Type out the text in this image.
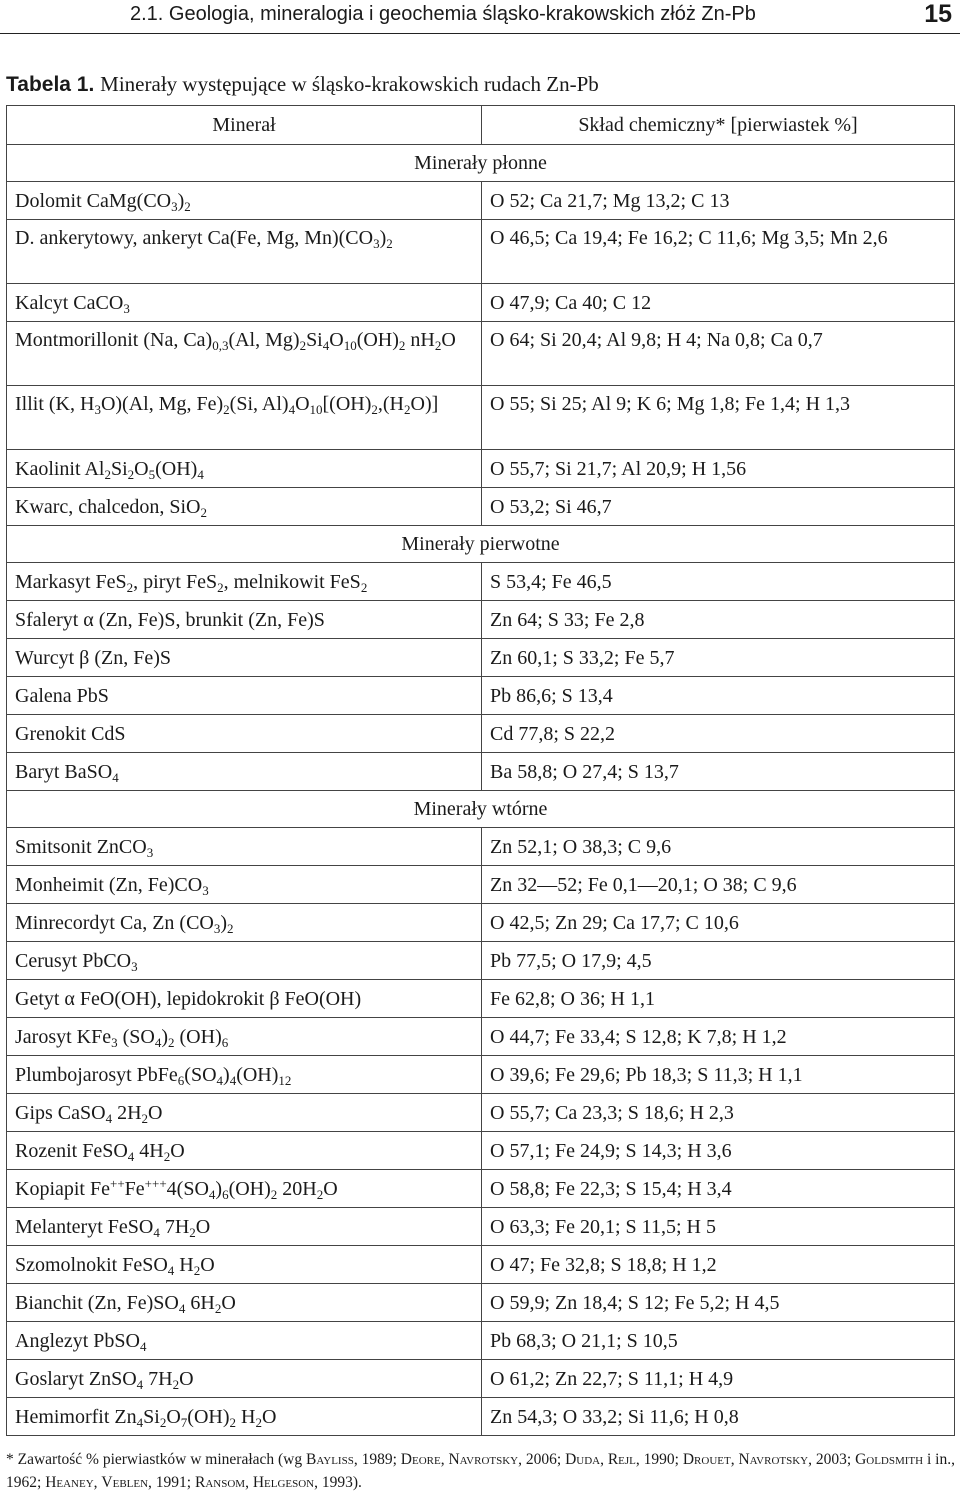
2.1. Geologia, mineralogia i geochemia śląsko-krakowskich złóż Zn-Pb	15
Tabela 1. Minerały występujące w śląsko-krakowskich rudach Zn-Pb
Minerał	Skład chemiczny* [pierwiastek %]
Minerały płonne	
Dolomit $CaMg(CO_3)_2$	O 52; Ca 21,7; Mg 13,2; C 13
D. ankerytowy, ankeryt Ca(Fe, Mg, $Mn)(CO_3)_2$	O 46,5; Ca 19,4; Fe 16,2; C 11,6; Mg 3,5; Mn 2,6
Kalcyt CaCO$_3$	O 47,9; Ca 40; C 12
Montmorillonit (Na, $Ca)_{0,3}(Al$, $Mg)_2Si_4O_{10}(OH)_2$ $nH_2O$	O 64; Si 20,4; Al 9,8; H 4; Na 0,8; Ca 0,7
Illit (K, $H_3O)(Al$, Mg, $Fe)_2(Si$, $Al)_4O_{10}[(OH)_2,(H_2O)]$	O 55; Si 25; Al 9; K 6; Mg 1,8; Fe 1,4; H 1,3
Kaolinit $Al_2Si_2O_5(OH)_4$	O 55,7; Si 21,7; Al 20,9; H 1,56
Kwarc, chalcedon, SiO$_2$	O 53,2; Si 46,7
Minerały pierwotne	
Markasyt FeS$_2$, piryt FeS$_2$, melnikowit FeS$_2$	S 53,4; Fe 46,5
Sfaleryt α (Zn, Fe)S, brunkit (Zn, Fe)S	Zn 64; S 33; Fe 2,8
Wurcyt β (Zn, Fe)S	Zn 60,1; S 33,2; Fe 5,7
Galena PbS	Pb 86,6; S 13,4
Grenokit CdS	Cd 77,8; S 22,2
Baryt BaSO$_4$	Ba 58,8; O 27,4; S 13,7
Minerały wtórne	
Smitsonit ZnCO$_3$	Zn 52,1; O 38,3; C 9,6
Monheimit (Zn, $Fe)CO_3$	Zn 32—52; Fe 0,1—20,1; O 38; C 9,6
Minrecordyt Ca, Zn $(CO_3)_2$	O 42,5; Zn 29; Ca 17,7; C 10,6
Cerusyt PbCO$_3$	Pb 77,5; O 17,9; 4,5
Getyt α FeO(OH), lepidokrokit β FeO(OH)	Fe 62,8; O 36; H 1,1
Jarosyt KFe$_3$ $(SO_4)_2$ $(OH)_6$	O 44,7; Fe 33,4; S 12,8; K 7,8; H 1,2
Plumbojarosyt $PbFe_6(SO_4)_4(OH)_{12}$	O 39,6; Fe 29,6; Pb 18,3; S 11,3; H 1,1
Gips CaSO$_4$ $2H_2O$	O 55,7; Ca 23,3; S 18,6; H 2,3
Rozenit FeSO$_4$ $4H_2O$	O 57,1; Fe 24,9; S 14,3; H 3,6
Kopiapit $Fe^{++}Fe^{+++}4(SO_4)_6(OH)_2$ $20H_2O$	O 58,8; Fe 22,3; S 15,4; H 3,4
Melanteryt FeSO$_4$ $7H_2O$	O 63,3; Fe 20,1; S 11,5; H 5
Szomolnokit FeSO$_4$ $H_2O$	O 47; Fe 32,8; S 18,8; H 1,2
Bianchit (Zn, $Fe)SO_4$ $6H_2O$	O 59,9; Zn 18,4; S 12; Fe 5,2; H 4,5
Anglezyt PbSO$_4$	Pb 68,3; O 21,1; S 10,5
Goslaryt ZnSO$_4$ $7H_2O$	O 61,2; Zn 22,7; S 11,1; H 4,9
Hemimorfit $Zn_4Si_2O_7(OH)_2$ $H_2O$	Zn 54,3; O 33,2; Si 11,6; H 0,8
* Zawartość % pierwiastków w minerałach (wg Bayliss, 1989; Deore, Navrotsky, 2006; Duda, Rejl, 1990; Drouet, Navrotsky, 2003; Goldsmith i in., 1962; Heaney, Veblen, 1991; Ransom, Helgeson, 1993).
